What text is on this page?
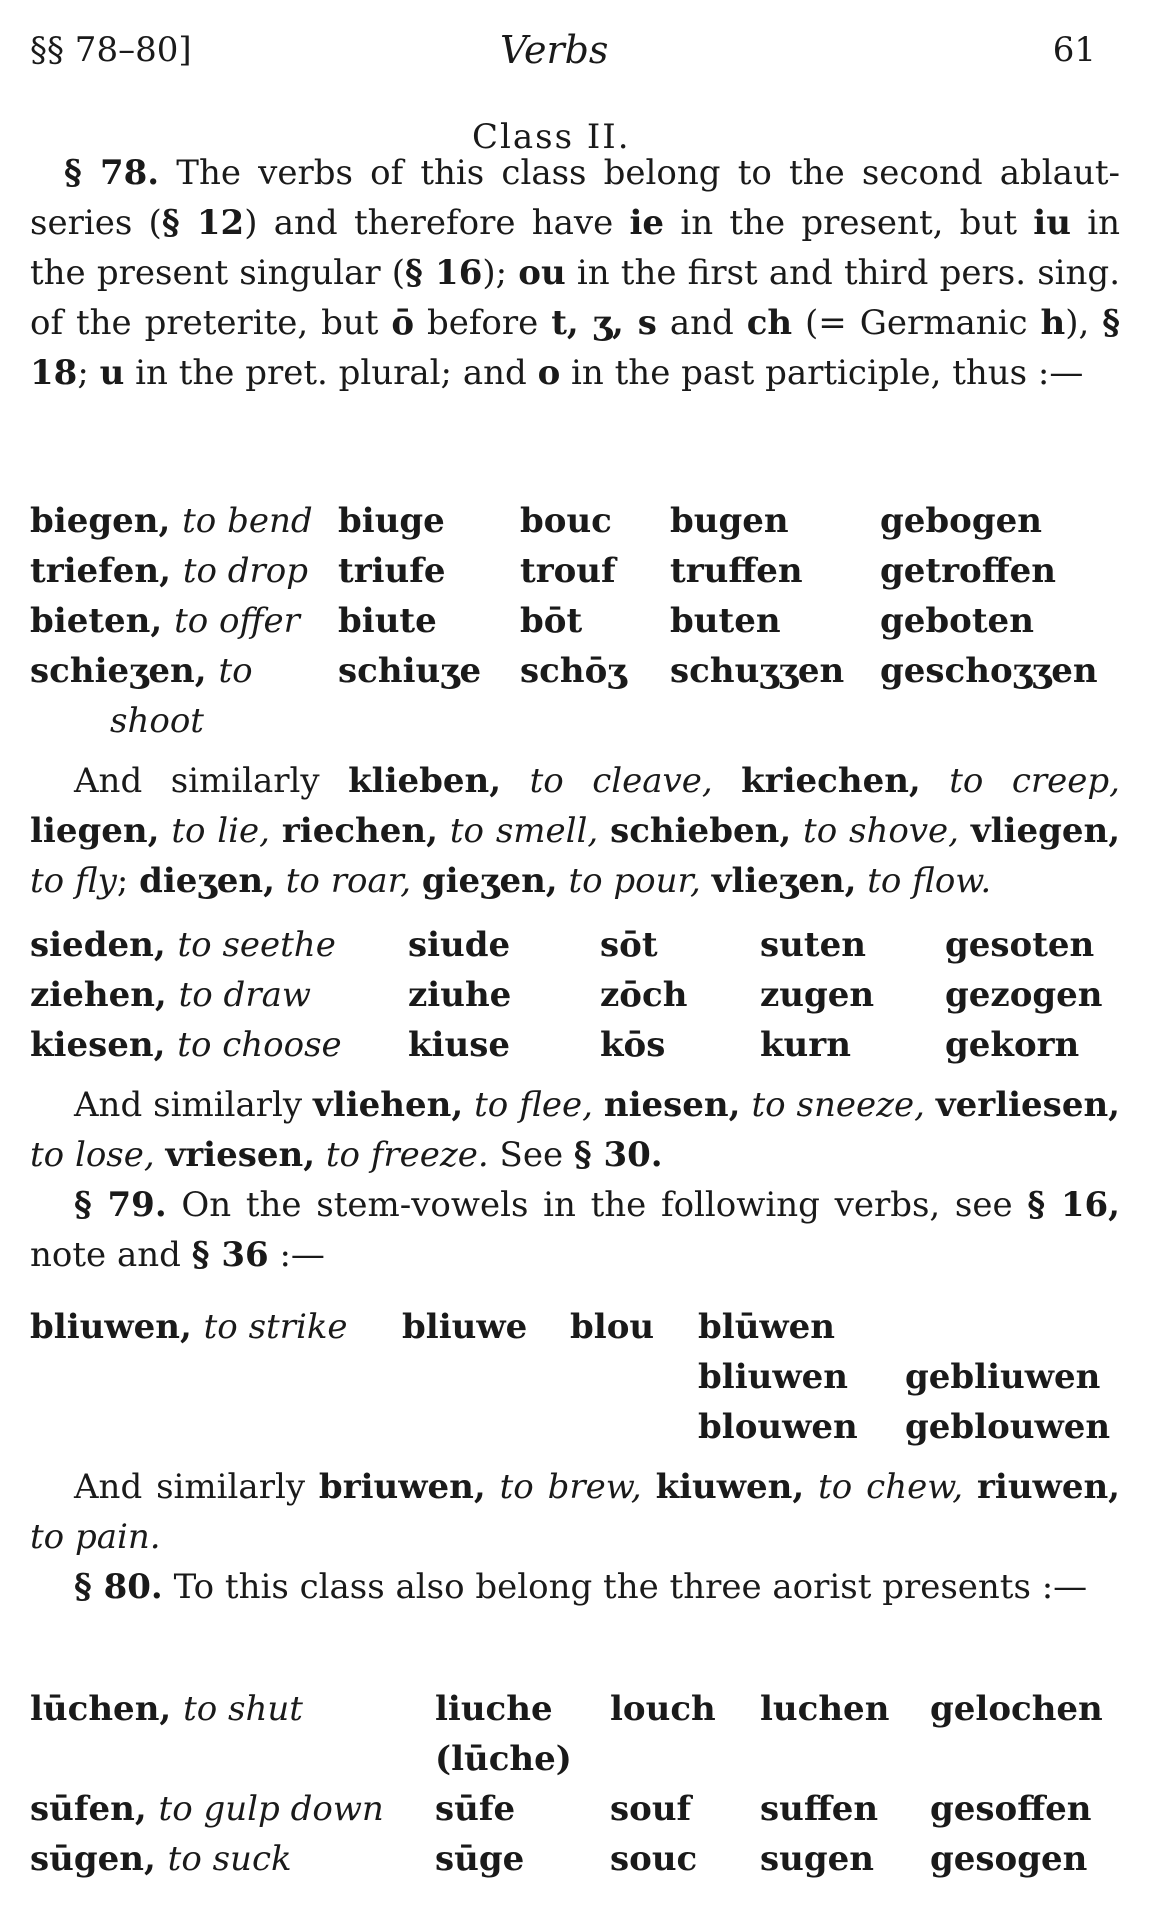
§§ 78–80]	Verbs	61
Class II.

§ 78. The verbs of this class belong to the second ablaut-series (§ 12) and therefore have ie in the present, but iu in the present singular (§ 16); ou in the first and third pers. sing. of the preterite, but ō before t, ʒ, s and ch (= Germanic h), § 18; u in the pret. plural; and o in the past participle, thus :—

biegen, to bend biuge bouc bugen	gebogen
triefen, to drop triufe trouf truffen getroffen
bieten, to offer biute bōt	buten	geboten
schieʒen, to	schiuʒe schōʒ schuʒʒen geschoʒʒen
shoot

And similarly klieben, to cleave, kriechen, to creep, liegen, to lie, riechen, to smell, schieben, to shove, vliegen, to fly; dieʒen, to roar, gieʒen, to pour, vlieʒen, to flow.

sieden, to seethe siude	sōt	suten gesoten
ziehen, to draw	ziuhe	zōch zugen gezogen
kiesen, to choose kiuse	kōs	kurn	gekorn

And similarly vliehen, to flee, niesen, to sneeze, verliesen, to lose, vriesen, to freeze. See § 30.

§ 79. On the stem-vowels in the following verbs, see § 16, note and § 36 :—

bliuwen, to strike bliuwe blou blūwen
bliuwen gebliuwen
blouwen geblouwen

And similarly briuwen, to brew, kiuwen, to chew, riuwen, to pain.

§ 80. To this class also belong the three aorist presents :—

lūchen, to shut	liuche louch luchen gelochen
(lūche)
sūfen, to gulp down sūfe	souf suffen gesoffen
sūgen, to suck	sūge	souc sugen gesogen
